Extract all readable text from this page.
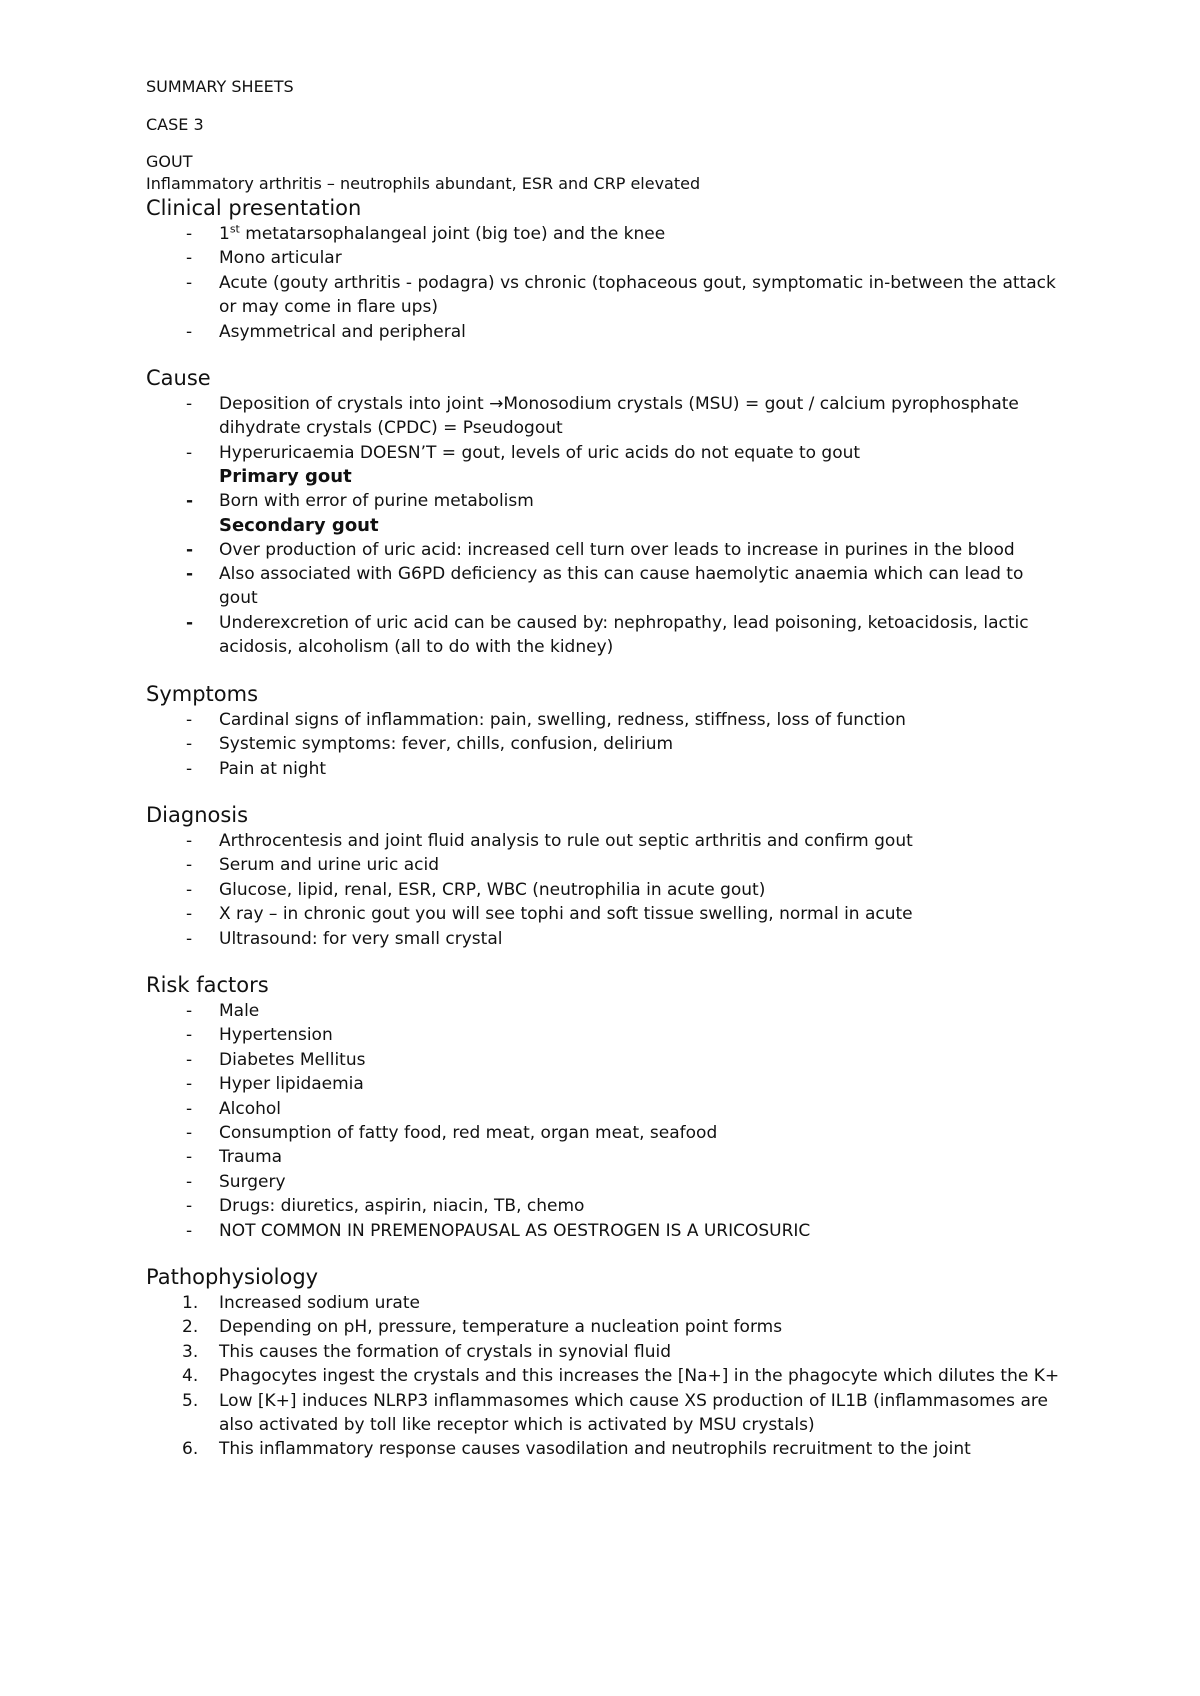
SUMMARY SHEETS
CASE 3
GOUT
Inflammatory arthritis – neutrophils abundant, ESR and CRP elevated
Clinical presentation
- 1st metatarsophalangeal joint (big toe) and the knee
- Mono articular
- Acute (gouty arthritis - podagra) vs chronic (tophaceous gout, symptomatic in-between the attack or may come in flare ups)
- Asymmetrical and peripheral
Cause
- Deposition of crystals into joint →Monosodium crystals (MSU) = gout / calcium pyrophosphate dihydrate crystals (CPDC) = Pseudogout
- Hyperuricaemia DOESN’T = gout, levels of uric acids do not equate to gout
Primary gout
- Born with error of purine metabolism
Secondary gout
- Over production of uric acid: increased cell turn over leads to increase in purines in the blood
- Also associated with G6PD deficiency as this can cause haemolytic anaemia which can lead to gout
- Underexcretion of uric acid can be caused by: nephropathy, lead poisoning, ketoacidosis, lactic acidosis, alcoholism (all to do with the kidney)
Symptoms
- Cardinal signs of inflammation: pain, swelling, redness, stiffness, loss of function
- Systemic symptoms: fever, chills, confusion, delirium
- Pain at night
Diagnosis
- Arthrocentesis and joint fluid analysis to rule out septic arthritis and confirm gout
- Serum and urine uric acid
- Glucose, lipid, renal, ESR, CRP, WBC (neutrophilia in acute gout)
- X ray – in chronic gout you will see tophi and soft tissue swelling, normal in acute
- Ultrasound: for very small crystal
Risk factors
- Male
- Hypertension
- Diabetes Mellitus
- Hyper lipidaemia
- Alcohol
- Consumption of fatty food, red meat, organ meat, seafood
- Trauma
- Surgery
- Drugs: diuretics, aspirin, niacin, TB, chemo
- NOT COMMON IN PREMENOPAUSAL AS OESTROGEN IS A URICOSURIC
Pathophysiology
1. Increased sodium urate
2. Depending on pH, pressure, temperature a nucleation point forms
3. This causes the formation of crystals in synovial fluid
4. Phagocytes ingest the crystals and this increases the [Na+] in the phagocyte which dilutes the K+
5. Low [K+] induces NLRP3 inflammasomes which cause XS production of IL1B (inflammasomes are also activated by toll like receptor which is activated by MSU crystals)
6. This inflammatory response causes vasodilation and neutrophils recruitment to the joint
